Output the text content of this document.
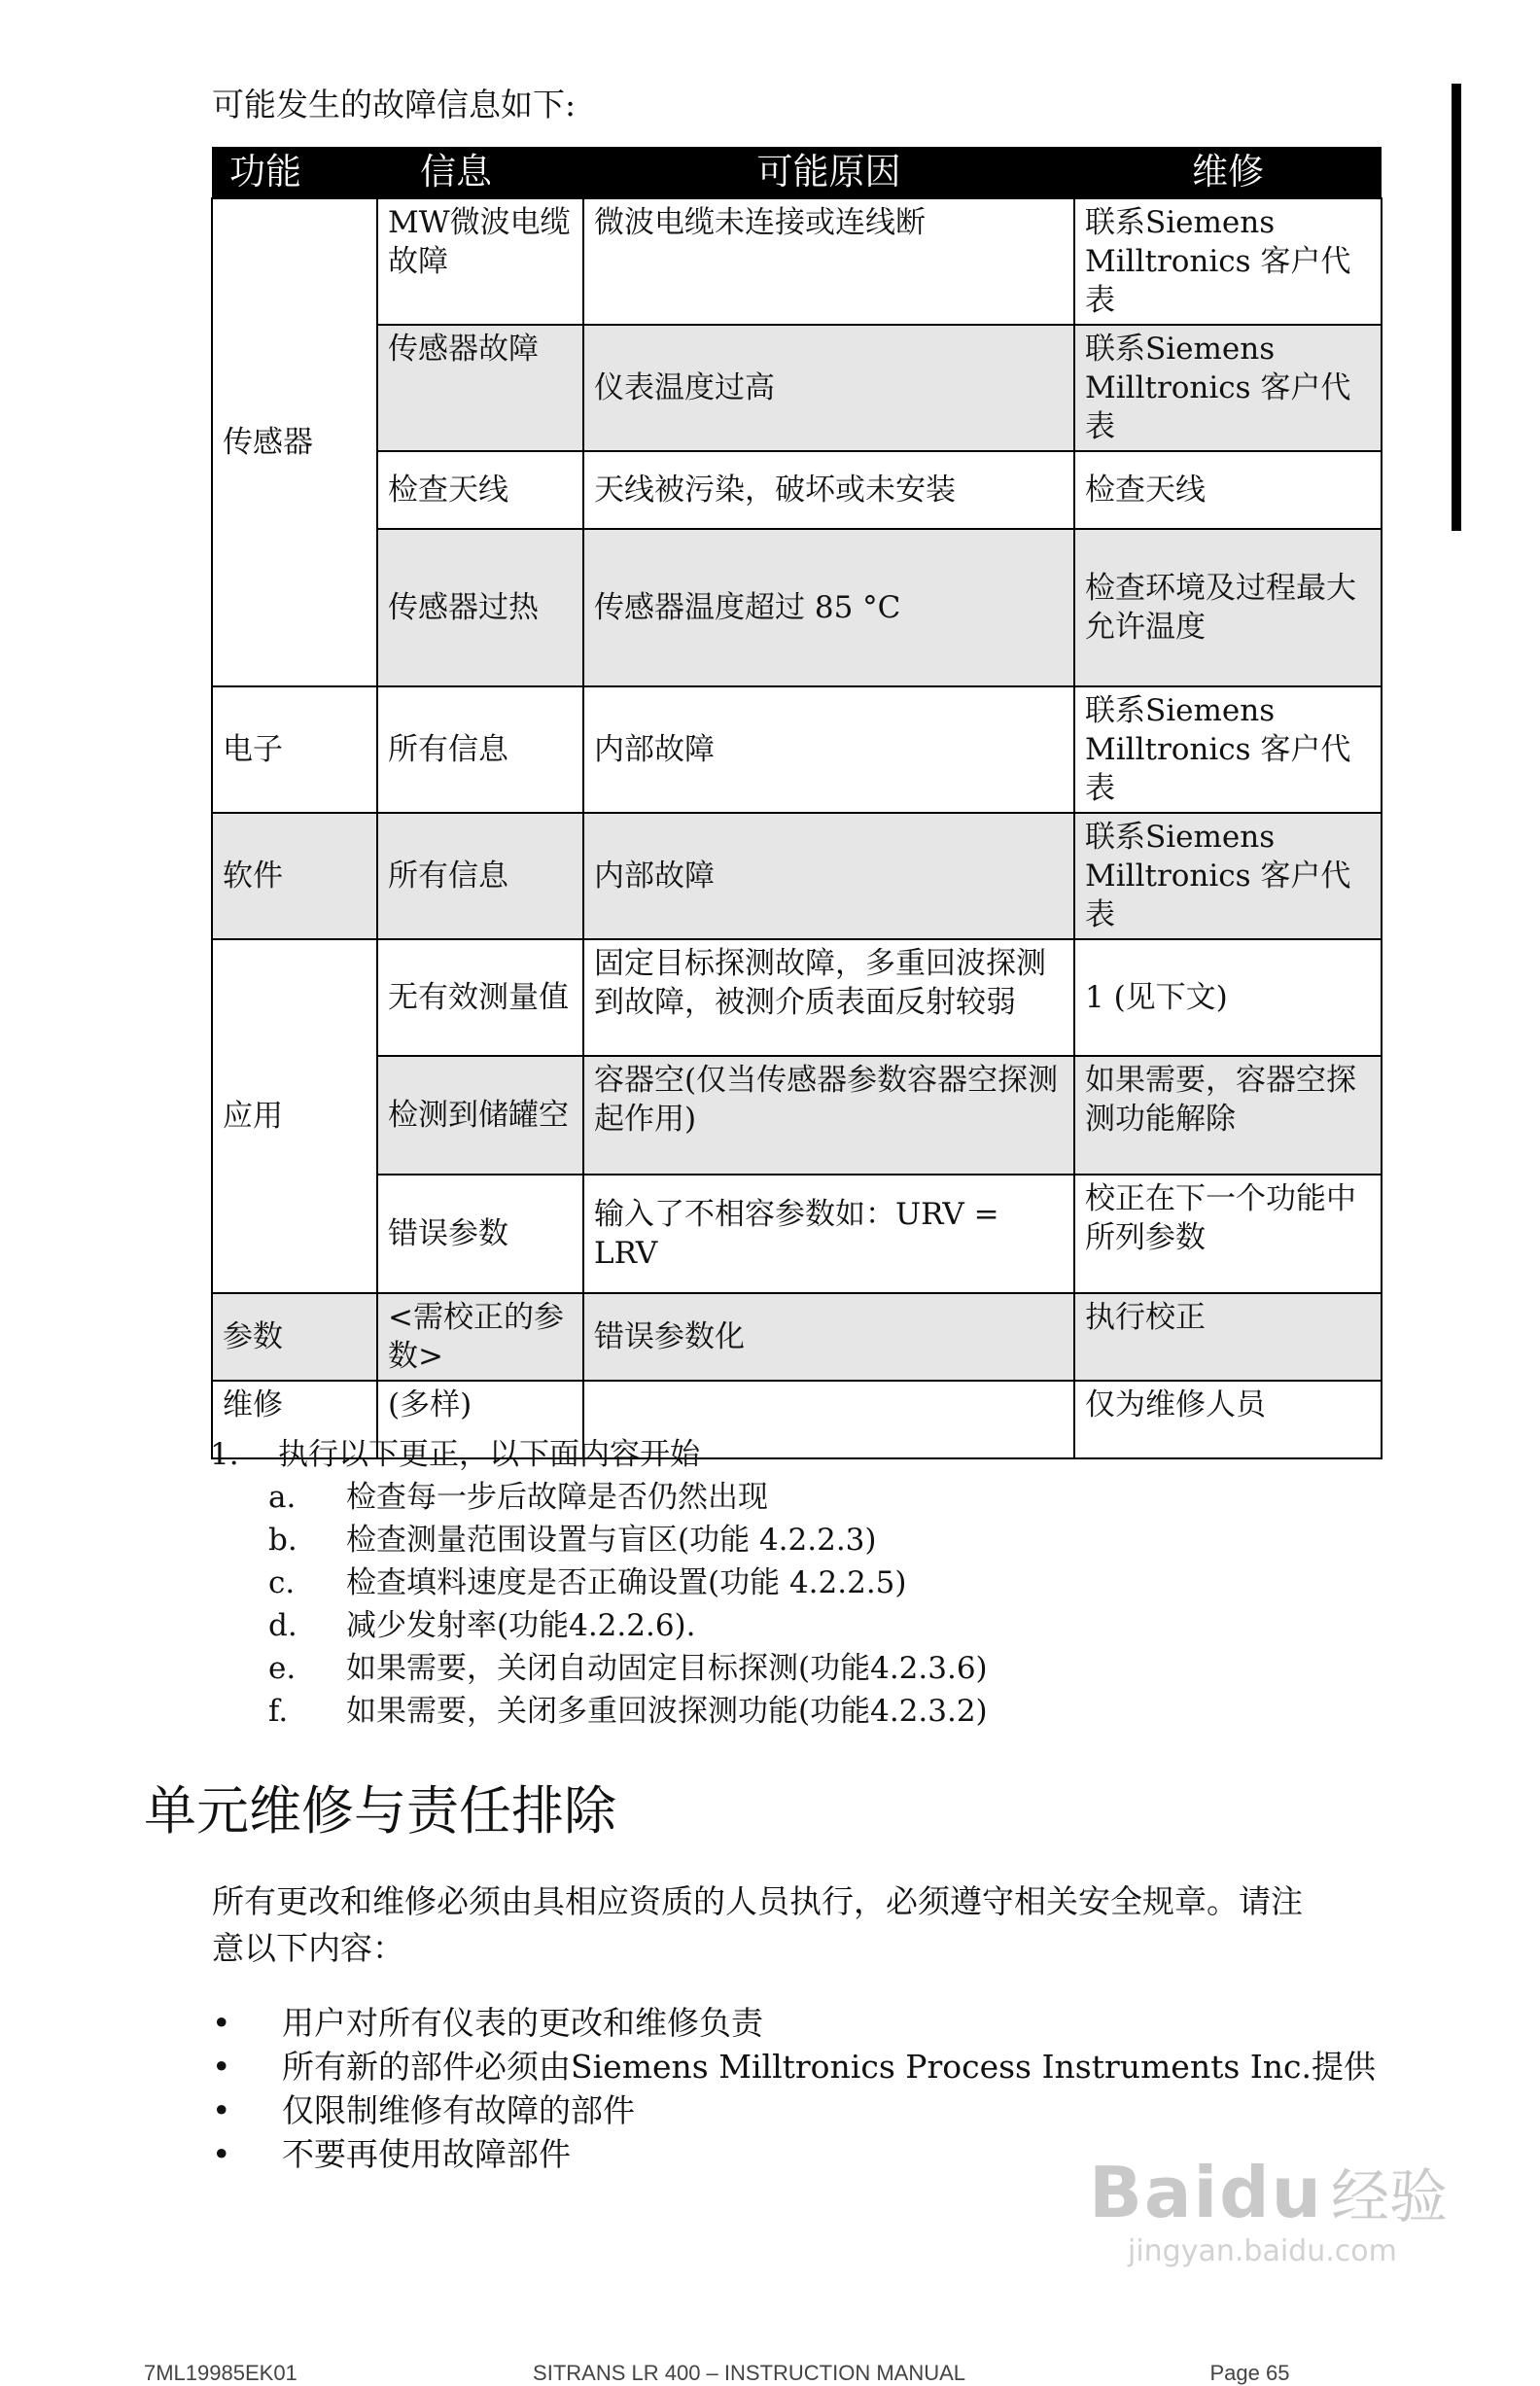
可能发生的故障信息如下:
功能	信息	可能原因	维修
传感器	MW微波电缆故障	微波电缆未连接或连线断	联系Siemens Milltronics 客户代表
	传感器故障	仪表温度过高	联系Siemens Milltronics 客户代表
	检查天线	天线被污染，破坏或未安装	检查天线
	传感器过热	传感器温度超过 85 °C	检查环境及过程最大允许温度
电子	所有信息	内部故障	联系Siemens Milltronics 客户代表
软件	所有信息	内部故障	联系Siemens Milltronics 客户代表
应用	无有效测量值	固定目标探测故障，多重回波探测到故障，被测介质表面反射较弱	1 (见下文)
	检测到储罐空	容器空(仅当传感器参数容器空探测起作用)	如果需要，容器空探测功能解除
	错误参数	输入了不相容参数如：URV = LRV	校正在下一个功能中所列参数
参数	<需校正的参数>	错误参数化	执行校正
维修	(多样)		仅为维修人员
1. 执行以下更正，以下面内容开始
a. 检查每一步后故障是否仍然出现
b. 检查测量范围设置与盲区(功能 4.2.2.3)
c. 检查填料速度是否正确设置(功能 4.2.2.5)
d. 减少发射率(功能4.2.2.6).
e. 如果需要，关闭自动固定目标探测(功能4.2.3.6)
f. 如果需要，关闭多重回波探测功能(功能4.2.3.2)
单元维修与责任排除
所有更改和维修必须由具相应资质的人员执行，必须遵守相关安全规章。请注意以下内容：
• 用户对所有仪表的更改和维修负责
• 所有新的部件必须由Siemens Milltronics Process Instruments Inc.提供
• 仅限制维修有故障的部件
• 不要再使用故障部件	Baidu 经验
jingyan.baidu.com
7ML19985EK01	SITRANS LR 400 – INSTRUCTION MANUAL	Page 65
